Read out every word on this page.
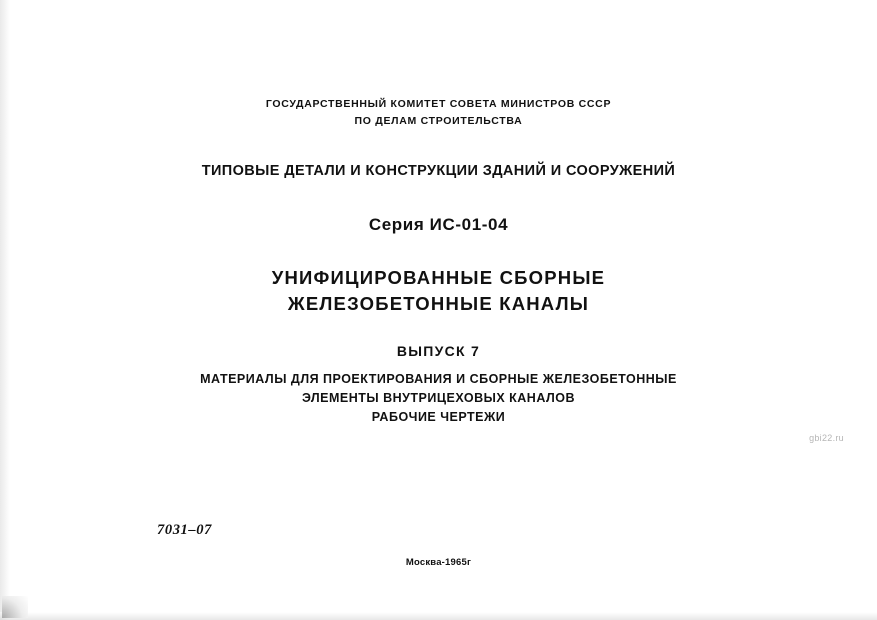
ГОСУДАРСТВЕННЫЙ КОМИТЕТ СОВЕТА МИНИСТРОВ СССР
ПО ДЕЛАМ СТРОИТЕЛЬСТВА
ТИПОВЫЕ ДЕТАЛИ И КОНСТРУКЦИИ ЗДАНИЙ И СООРУЖЕНИЙ
Серия ИС-01-04
УНИФИЦИРОВАННЫЕ СБОРНЫЕ
ЖЕЛЕЗОБЕТОННЫЕ КАНАЛЫ
ВЫПУСК 7
МАТЕРИАЛЫ ДЛЯ ПРОЕКТИРОВАНИЯ И СБОРНЫЕ ЖЕЛЕЗОБЕТОННЫЕ
ЭЛЕМЕНТЫ ВНУТРИЦЕХОВЫХ КАНАЛОВ
РАБОЧИЕ ЧЕРТЕЖИ
gbi22.ru
7031–07
Москва-1965г
